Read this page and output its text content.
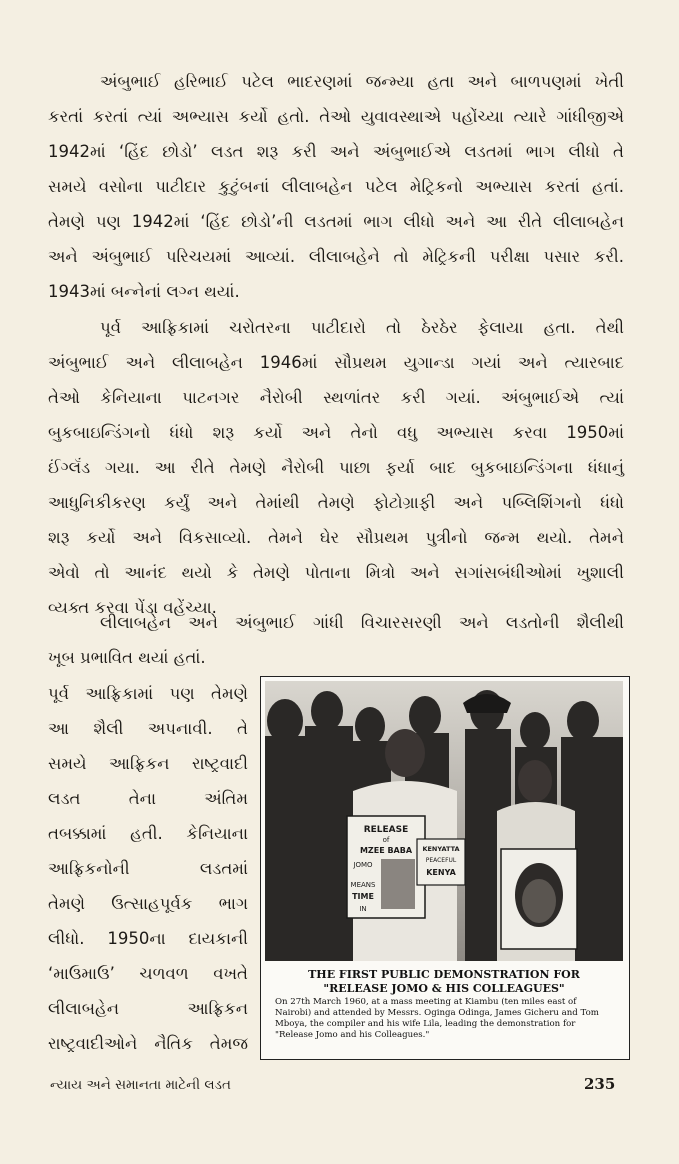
અંબુભાઈ હરિભાઈ પટેલ ભાદરણમાં જન્મ્યા હતા અને બાળપણમાં ખેતી
કરતાં કરતાં ત્યાં અભ્યાસ કર્યો હતો. તેઓ યુવાવસ્થાએ પહોંચ્યા ત્યારે ગાંધીજીએ
1942માં ‘હિંદ છોડો’ લડત શરૂ કરી અને અંબુભાઈએ લડતમાં ભાગ લીધો તે
સમયે વસોના પાટીદાર કુટુંબનાં લીલાબહેન પટેલ મેટ્રિકનો અભ્યાસ કરતાં હતાં.
તેમણે પણ 1942માં ‘હિંદ છોડો’ની લડતમાં ભાગ લીધો અને આ રીતે લીલાબહેન
અને અંબુભાઈ પરિચયમાં આવ્યાં. લીલાબહેને તો મેટ્રિકની પરીક્ષા પસાર કરી.
1943માં બન્નેનાં લગ્ન થયાં.
પૂર્વ આફ્રિકામાં ચરોતરના પાટીદારો તો ઠેરઠેર ફેલાયા હતા. તેથી
અંબુભાઈ અને લીલાબહેન 1946માં સૌપ્રથમ યુગાન્ડા ગયાં અને ત્યારબાદ
તેઓ કેનિયાના પાટનગર નૈરોબી સ્થળાંતર કરી ગયાં. અંબુભાઈએ ત્યાં
બુકબાઇન્ડિંગનો ધંધો શરૂ કર્યો અને તેનો વધુ અભ્યાસ કરવા 1950માં
ઈંગ્લૅંડ ગયા. આ રીતે તેમણે નૈરોબી પાછા ફર્યા બાદ બુકબાઇન્ડિંગના ધંધાનું
આધુનિકીકરણ કર્યું અને તેમાંથી તેમણે ફોટોગ્રાફી અને પબ્લિશિંગનો ધંધો
શરૂ કર્યો અને વિકસાવ્યો. તેમને ઘેર સૌપ્રથમ પુત્રીનો જન્મ થયો. તેમને
એવો તો આનંદ થયો કે તેમણે પોતાના મિત્રો અને સગાંસબંધીઓમાં ખુશાલી
વ્યક્ત કરવા પેંડા વહેંચ્યા.
લીલાબહેન અને અંબુભાઈ ગાંધી વિચારસરણી અને લડતોની શૈલીથી
ખૂબ પ્રભાવિત થયાં હતાં.
પૂર્વ આફ્રિકામાં પણ તેમણે
આ શૈલી અપનાવી. તે
સમયે આફ્રિકન રાષ્ટ્રવાદી
લડત તેના અંતિમ
તબક્કામાં હતી. કેનિયાના
આફ્રિકનોની લડતમાં
તેમણે ઉત્સાહપૂર્વક ભાગ
લીધો. 1950ના દાયકાની
‘માઉમાઉ’ ચળવળ વખતે
લીલાબહેન આફ્રિકન
રાષ્ટ્રવાદીઓને નૈતિક તેમજ
RELEASE
of
MZEE BABA
JOMO
MEANS
TIME
IN
KENYATTA
PEACEFUL
KENYA
THE FIRST PUBLIC DEMONSTRATION FOR
"RELEASE JOMO & HIS COLLEAGUES"
On 27th March 1960, at a mass meeting at Kiambu (ten miles east of
Nairobi) and attended by Messrs. Oginga Odinga, James Gicheru and Tom
Mboya, the compiler and his wife Lila, leading the demonstration for
"Release Jomo and his Colleagues."
ન્યાય અને સમાનતા માટેની લડત	235
